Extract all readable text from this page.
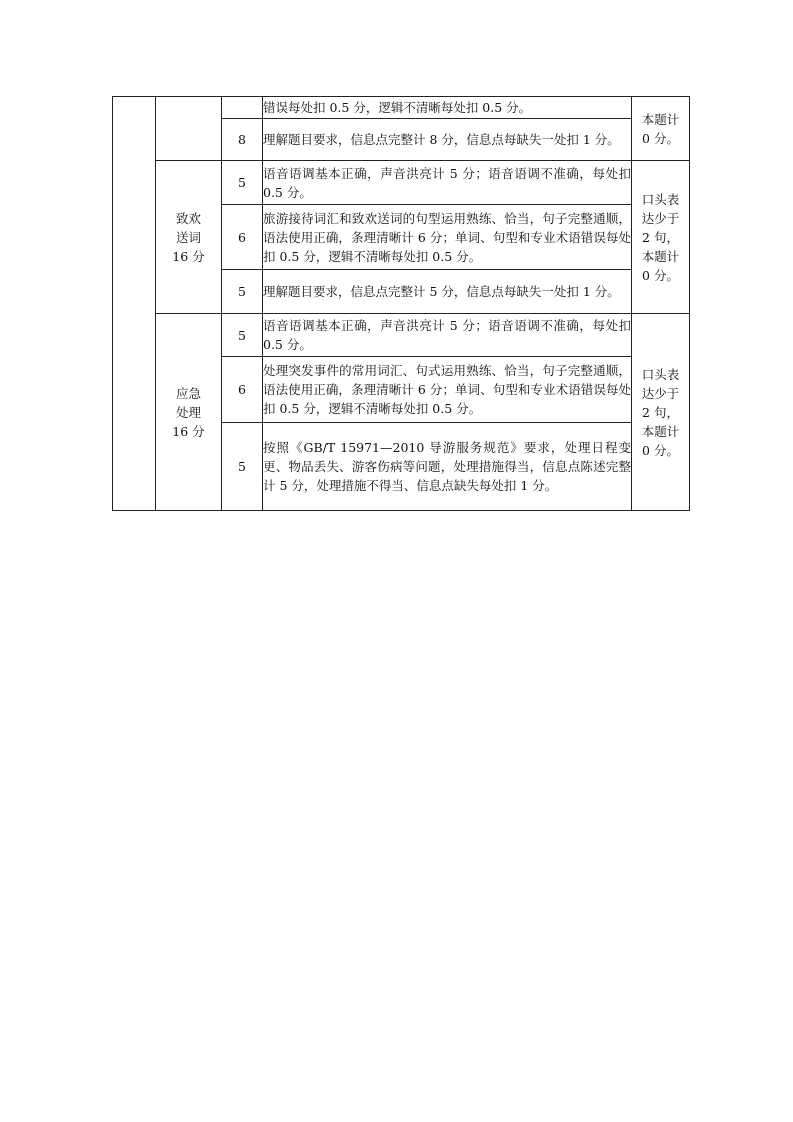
			错误每处扣 0.5 分，逻辑不清晰每处扣 0.5 分。	本题计
0 分。

		8	理解题目要求，信息点完整计 8 分，信息点每缺失一处扣 1 分。	

	致欢
送词
16 分	5	语音语调基本正确，声音洪亮计 5 分；语音语调不准确，每处扣 0.5 分。	口头表
达少于
2 句，
本题计
0 分。

		6	旅游接待词汇和致欢送词的句型运用熟练、恰当，句子完整通顺，语法使用正确，条理清晰计 6 分；单词、句型和专业术语错误每处扣 0.5 分，逻辑不清晰每处扣 0.5 分。	
		5	理解题目要求，信息点完整计 5 分，信息点每缺失一处扣 1 分。	

	应急
处理
16 分	5	语音语调基本正确，声音洪亮计 5 分；语音语调不准确，每处扣 0.5 分。	口头表
达少于
2 句，
本题计
0 分。

		6	处理突发事件的常用词汇、句式运用熟练、恰当，句子完整通顺，语法使用正确，条理清晰计 6 分；单词、句型和专业术语错误每处扣 0.5 分，逻辑不清晰每处扣 0.5 分。	
		5	按照《GB/T 15971—2010 导游服务规范》要求，处理日程变更、物品丢失、游客伤病等问题，处理措施得当，信息点陈述完整计 5 分，处理措施不得当、信息点缺失每处扣 1 分。	
